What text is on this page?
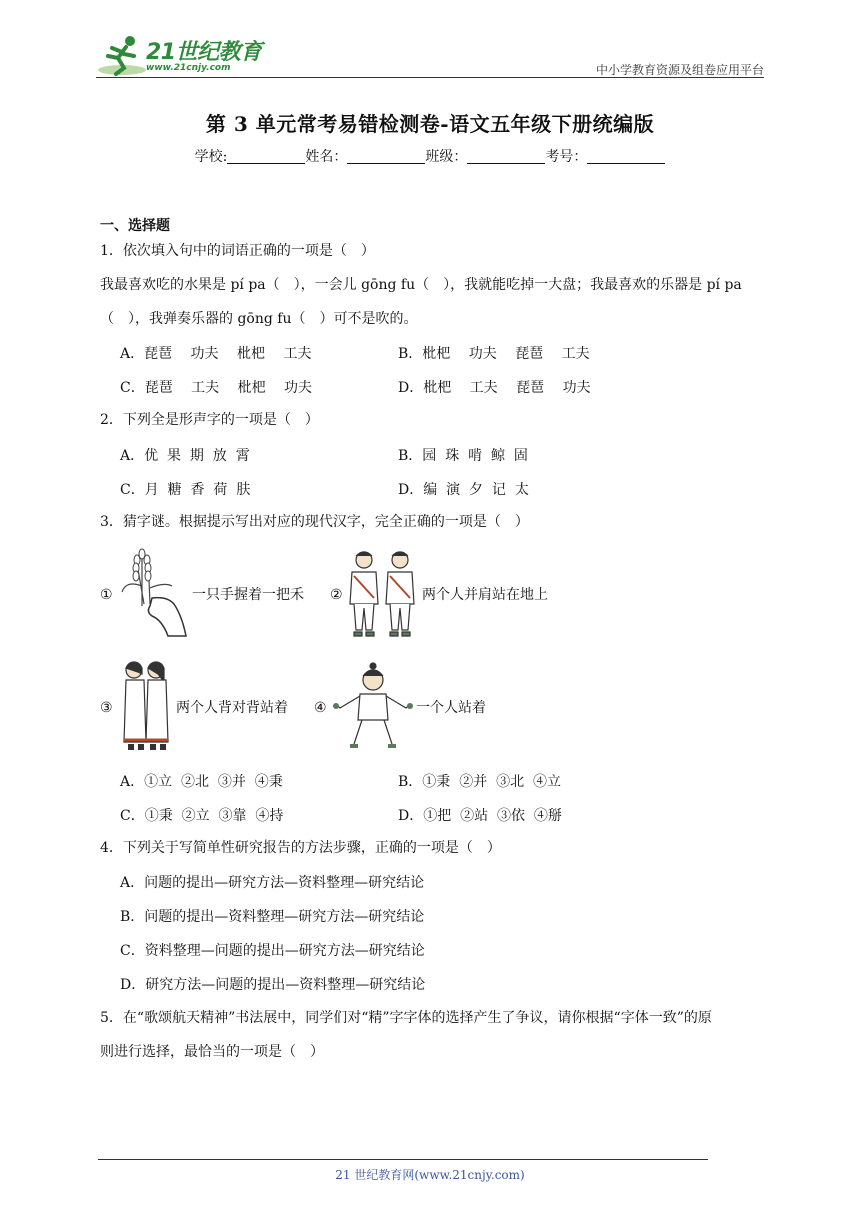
21世纪教育
www.21cnjy.com	中小学教育资源及组卷应用平台
第 3 单元常考易错检测卷-语文五年级下册统编版
学校:	姓名：	班级：	考号：
一、选择题
1．依次填入句中的词语正确的一项是（　）
我最喜欢吃的水果是 pí pa（　），一会儿 gōng fu（　），我就能吃掉一大盘；我最喜欢的乐器是 pí pa
（　），我弹奏乐器的 gōng fu（　）可不是吹的。
A．琵琶　 功夫　 枇杷　 工夫	B．枇杷　 功夫　 琵琶　 工夫
C．琵琶　 工夫　 枇杷　 功夫	D．枇杷　 工夫　 琵琶　 功夫
2．下列全是形声字的一项是（　）
A．优  果  期  放  霄	B．园  珠  啃  鲸  固
C．月  糖  香  荷  肤	D．编  演  夕  记  太
3．猜字谜。根据提示写出对应的现代汉字，完全正确的一项是（　）
①	一只手握着一把禾 ②	两个人并肩站在地上
③	两个人背对背站着 ④	一个人站着
A．①立  ②北  ③并  ④秉	B．①秉  ②并  ③北  ④立
C．①秉  ②立  ③靠  ④持	D．①把  ②站  ③依  ④掰
4．下列关于写简单性研究报告的方法步骤，正确的一项是（　）
A．问题的提出—研究方法—资料整理—研究结论
B．问题的提出—资料整理—研究方法—研究结论
C．资料整理—问题的提出—研究方法—研究结论
D．研究方法—问题的提出—资料整理—研究结论
5．在“歌颂航天精神”书法展中，同学们对“精”字字体的选择产生了争议，请你根据“字体一致”的原
则进行选择，最恰当的一项是（　）
21 世纪教育网(www.21cnjy.com)
